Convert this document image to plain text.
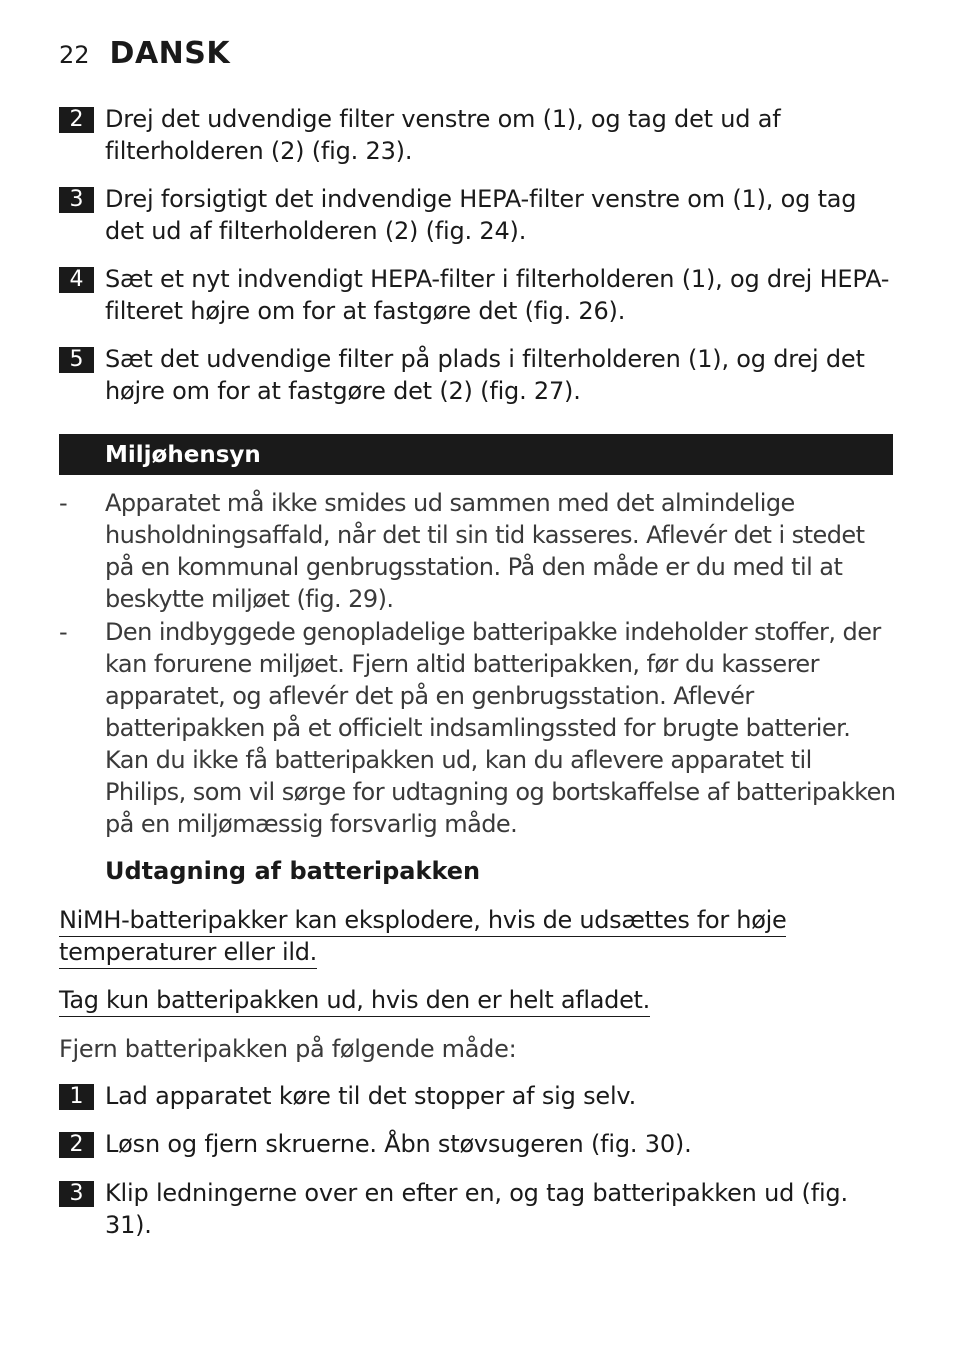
22 DANSK
2 Drej det udvendige filter venstre om (1), og tag det ud af filterholderen (2) (fig. 23).
3 Drej forsigtigt det indvendige HEPA-filter venstre om (1), og tag det ud af filterholderen (2) (fig. 24).
4 Sæt et nyt indvendigt HEPA-filter i filterholderen (1), og drej HEPA-filteret højre om for at fastgøre det (fig. 26).
5 Sæt det udvendige filter på plads i filterholderen (1), og drej det højre om for at fastgøre det (2) (fig. 27).
Miljøhensyn
-	Apparatet må ikke smides ud sammen med det almindelige husholdningsaffald, når det til sin tid kasseres. Aflevér det i stedet på en kommunal genbrugsstation. På den måde er du med til at beskytte miljøet (fig. 29).
-	Den indbyggede genopladelige batteripakke indeholder stoffer, der kan forurene miljøet. Fjern altid batteripakken, før du kasserer apparatet, og aflevér det på en genbrugsstation. Aflevér batteripakken på et officielt indsamlingssted for brugte batterier. Kan du ikke få batteripakken ud, kan du aflevere apparatet til Philips, som vil sørge for udtagning og bortskaffelse af batteripakken på en miljømæssig forsvarlig måde.
Udtagning af batteripakken
NiMH-batteripakker kan eksplodere, hvis de udsættes for høje temperaturer eller ild.
Tag kun batteripakken ud, hvis den er helt afladet.
Fjern batteripakken på følgende måde:
1 Lad apparatet køre til det stopper af sig selv.
2 Løsn og fjern skruerne. Åbn støvsugeren (fig. 30).
3 Klip ledningerne over en efter en, og tag batteripakken ud (fig. 31).
